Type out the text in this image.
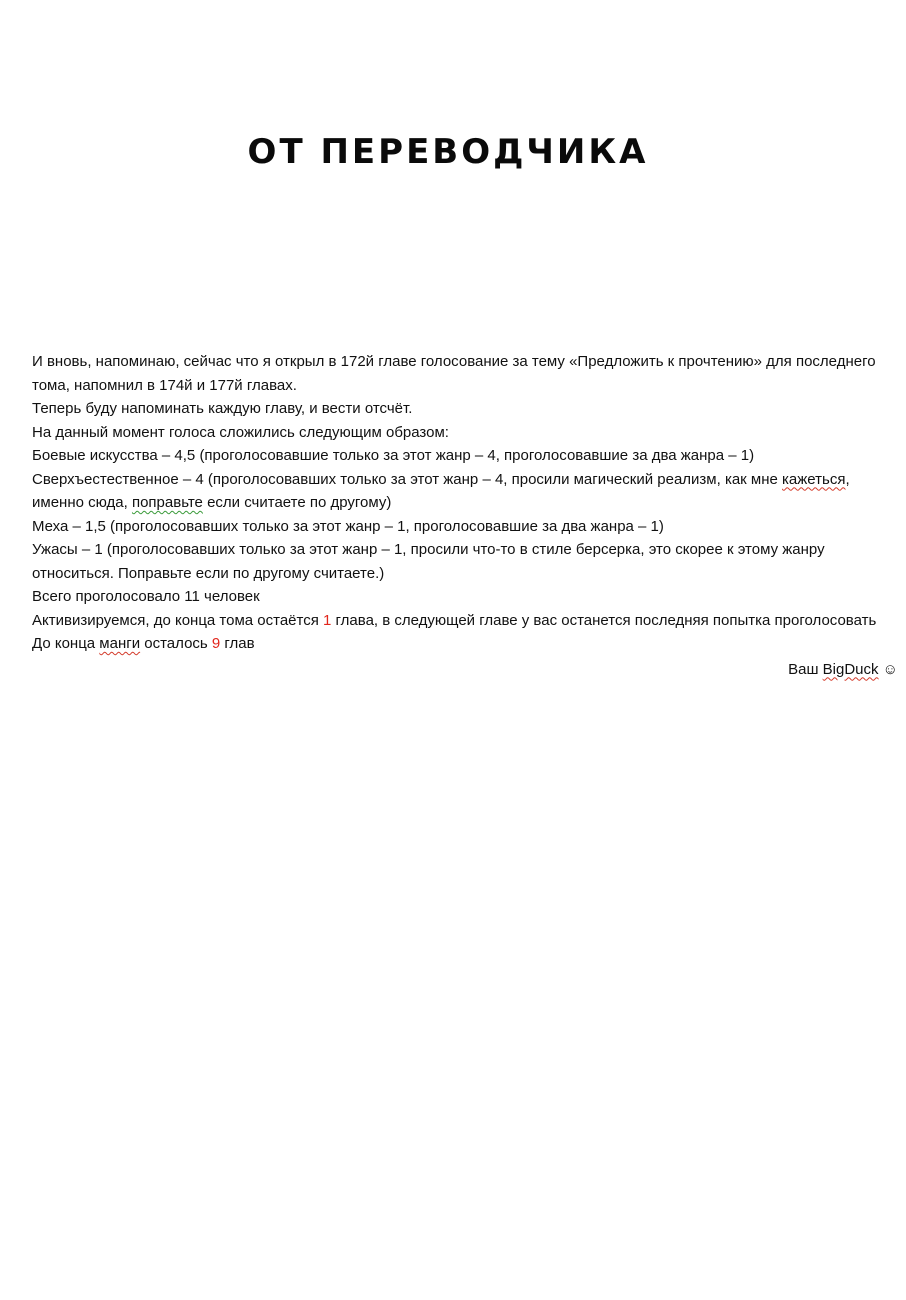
ОТ ПЕРЕВОДЧИКА
И вновь, напоминаю, сейчас что я открыл в 172й главе голосование за тему «Предложить к прочтению» для последнего
тома, напомнил в 174й и 177й главах.
Теперь буду напоминать каждую главу, и вести отсчёт.
На данный момент голоса сложились следующим образом:
Боевые искусства – 4,5 (проголосовавшие только за этот жанр – 4, проголосовавшие за два жанра – 1)
Сверхъестественное – 4 (проголосовавших только за этот жанр – 4, просили магический реализм, как мне кажеться,
именно сюда, поправьте если считаете по другому)
Меха – 1,5 (проголосовавших только за этот жанр – 1, проголосовавшие за два жанра – 1)
Ужасы – 1 (проголосовавших только за этот жанр – 1, просили что-то в стиле берсерка, это скорее к этому жанру
относиться. Поправьте если по другому считаете.)
Всего проголосовало 11 человек
Активизируемся, до конца тома остаётся 1 глава, в следующей главе у вас останется последняя попытка проголосовать
До конца манги осталось 9 глав
Ваш BigDuck ☺
